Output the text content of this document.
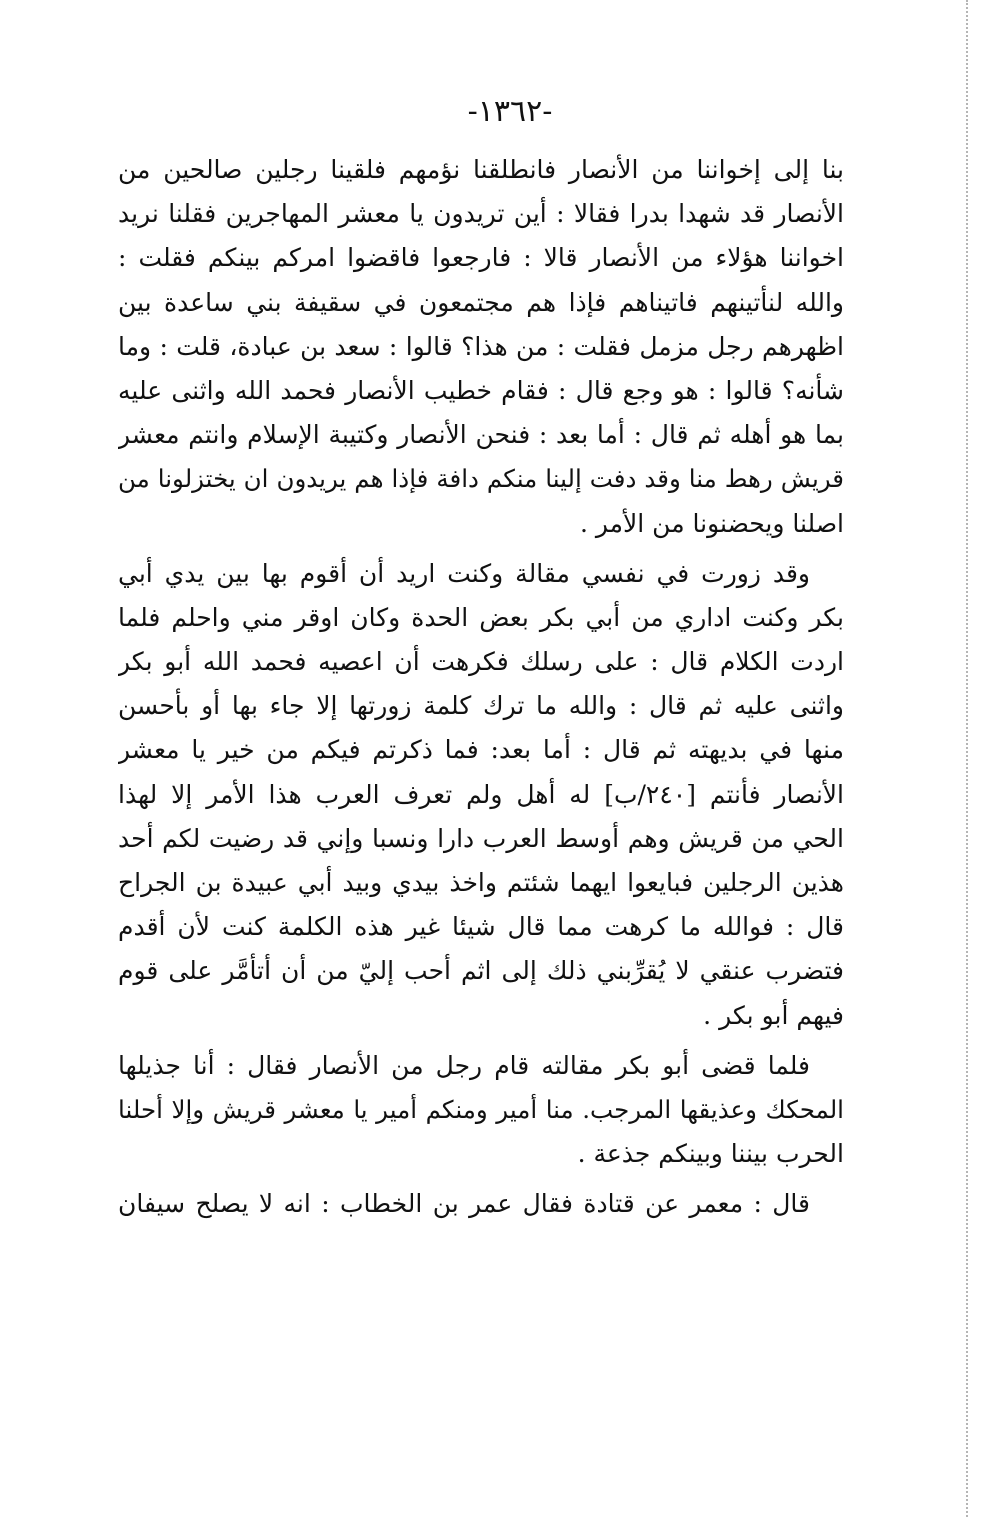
-١٣٦٢-
بنا إلى إخواننا من الأنصار فانطلقنا نؤمهم فلقينا رجلين صالحين من
الأنصار قد شهدا بدرا فقالا : أين تريدون يا معشر المهاجرين فقلنا نريد
اخواننا هؤلاء من الأنصار قالا : فارجعوا فاقضوا امركم بينكم فقلت :
والله لنأتينهم فاتيناهم فإذا هم مجتمعون في سقيفة بني ساعدة بين
اظهرهم رجل مزمل فقلت : من هذا؟ قالوا : سعد بن عبادة، قلت : وما
شأنه؟ قالوا : هو وجع قال : فقام خطيب الأنصار فحمد الله واثنى عليه
بما هو أهله ثم قال : أما بعد : فنحن الأنصار وكتيبة الإسلام وانتم معشر
قريش رهط منا وقد دفت إلينا منكم دافة فإذا هم يريدون ان يختزلونا من
اصلنا ويحضنونا من الأمر .
وقد زورت في نفسي مقالة وكنت اريد أن أقوم بها بين يدي أبي
بكر وكنت اداري من أبي بكر بعض الحدة وكان اوقر مني واحلم فلما
اردت الكلام قال : على رسلك فكرهت أن اعصيه فحمد الله أبو بكر
واثنى عليه ثم قال : والله ما ترك كلمة زورتها إلا جاء بها أو بأحسن
منها في بديهته ثم قال : أما بعد: فما ذكرتم فيكم من خير يا معشر
الأنصار فأنتم [٢٤٠/ب] له أهل ولم تعرف العرب هذا الأمر إلا لهذا
الحي من قريش وهم أوسط العرب دارا ونسبا وإني قد رضيت لكم أحد
هذين الرجلين فبايعوا ايهما شئتم واخذ بيدي وبيد أبي عبيدة بن الجراح
قال : فوالله ما كرهت مما قال شيئا غير هذه الكلمة كنت لأن أقدم
فتضرب عنقي لا يُقرِّبني ذلك إلى اثم أحب إليّ من أن أتأمَّر على قوم
فيهم أبو بكر .
فلما قضى أبو بكر مقالته قام رجل من الأنصار فقال : أنا جذيلها
المحكك وعذيقها المرجب. منا أمير ومنكم أمير يا معشر قريش وإلا أحلنا
الحرب بيننا وبينكم جذعة .
قال : معمر عن قتادة فقال عمر بن الخطاب : انه لا يصلح سيفان
